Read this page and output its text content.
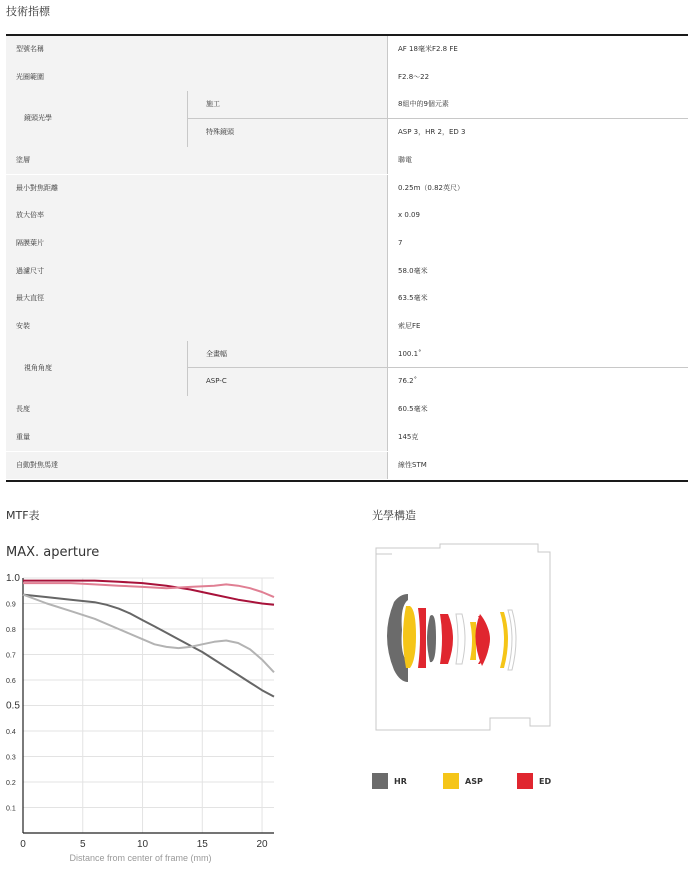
技術指標
型號名稱	AF 18毫米F2.8 FE
光圈範圍	F2.8～22
鏡頭光學
施工	8組中的9個元素
特殊鏡頭	ASP 3，HR 2，ED 3
塗層	聯電
最小對焦距離	0.25m（0.82英尺）
放大倍率	x 0.09
隔膜葉片	7
過濾尺寸	58.0毫米
最大直徑	63.5毫米
安裝	索尼FE
視角角度
全畫幅	100.1˚
ASP-C	76.2˚
長度	60.5毫米
重量	145克
自動對焦馬達	線性STM
MTF表
MAX. aperture
1.0
0.9
0.8
0.7
0.6
0.5
0.4
0.3
0.2
0.1
0	5	10	15	20
Distance from center of frame (mm)
光學構造
HR	ASP	ED
